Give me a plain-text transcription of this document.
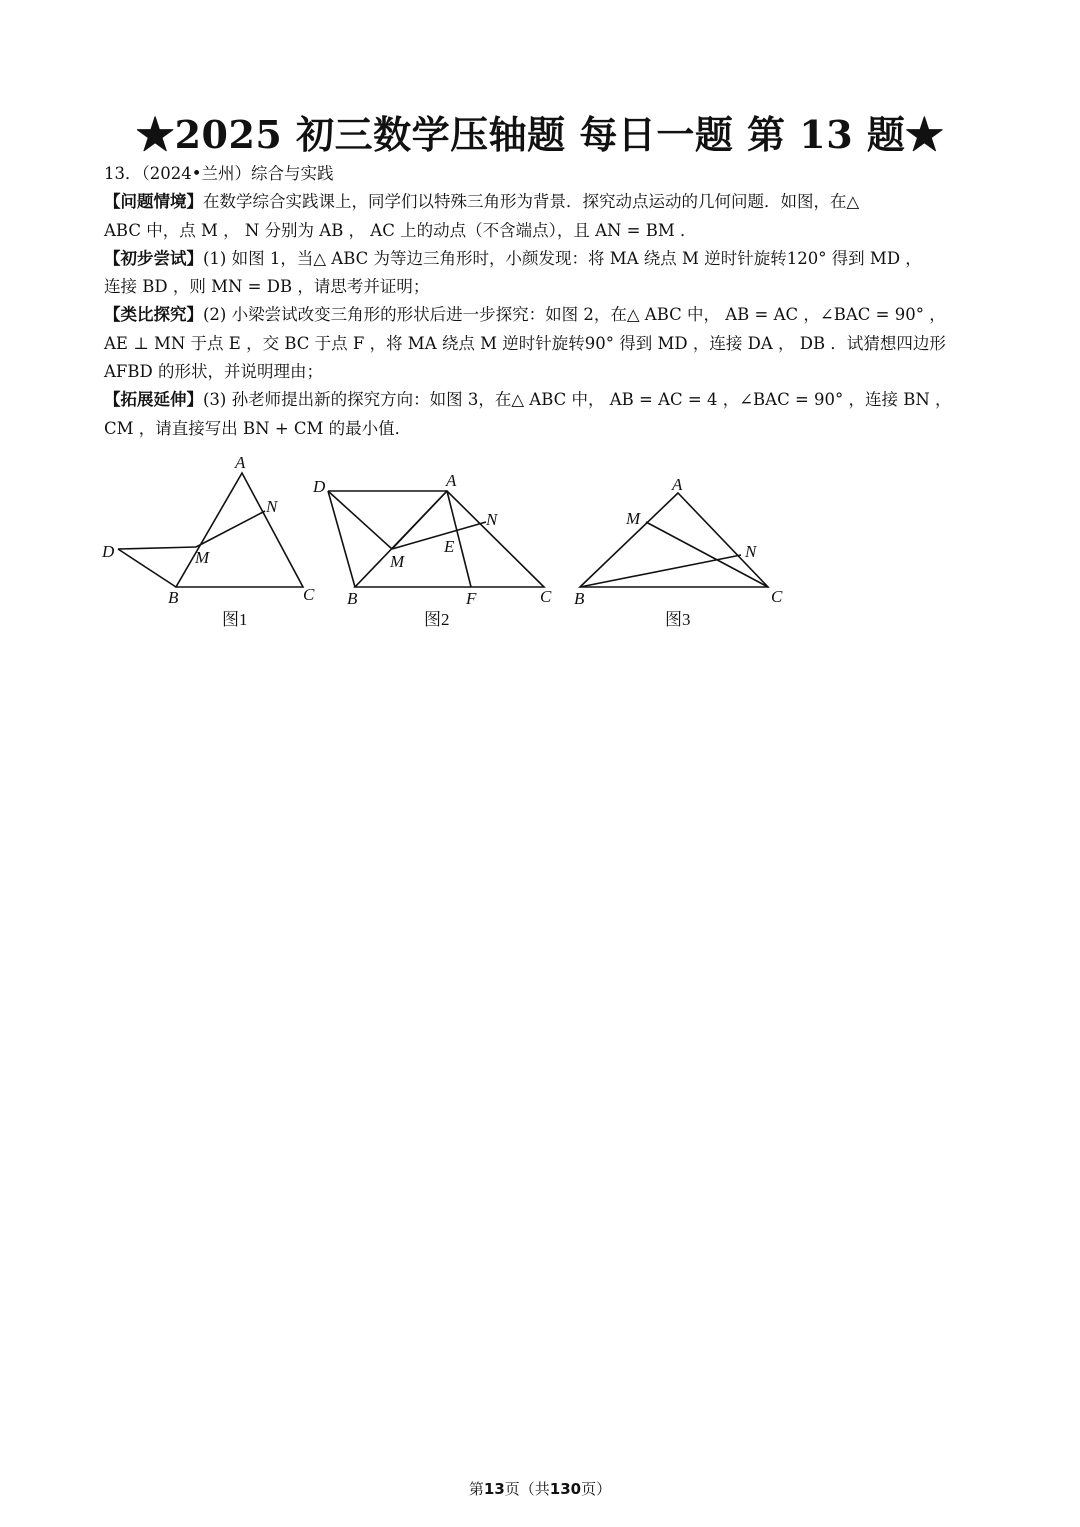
★2025 初三数学压轴题 每日一题 第 13 题★

13．（2024•兰州）综合与实践

【问题情境】在数学综合实践课上，同学们以特殊三角形为背景．探究动点运动的几何问题．如图，在△

ABC 中，点 M ， N 分别为 AB ， AC 上的动点（不含端点），且 AN = BM ．

【初步尝试】(1) 如图 1，当△ ABC 为等边三角形时，小颜发现：将 MA 绕点 M 逆时针旋转120° 得到 MD ，

连接 BD ，则 MN = DB ，请思考并证明；

【类比探究】(2) 小梁尝试改变三角形的形状后进一步探究：如图 2，在△ ABC 中， AB = AC ，∠BAC = 90° ，

AE ⊥ MN 于点 E ，交 BC 于点 F ，将 MA 绕点 M 逆时针旋转90° 得到 MD ，连接 DA ， DB ．试猜想四边形

AFBD 的形状，并说明理由；

【拓展延伸】(3) 孙老师提出新的探究方向：如图 3，在△ ABC 中， AB = AC = 4 ，∠BAC = 90° ，连接 BN ，

CM ，请直接写出 BN + CM 的最小值．

A
N
D	M
B	C
图1
D	A
N
E
M
B	F	C
图2
A
M
N
B	C
图3
第13页（共130页）
